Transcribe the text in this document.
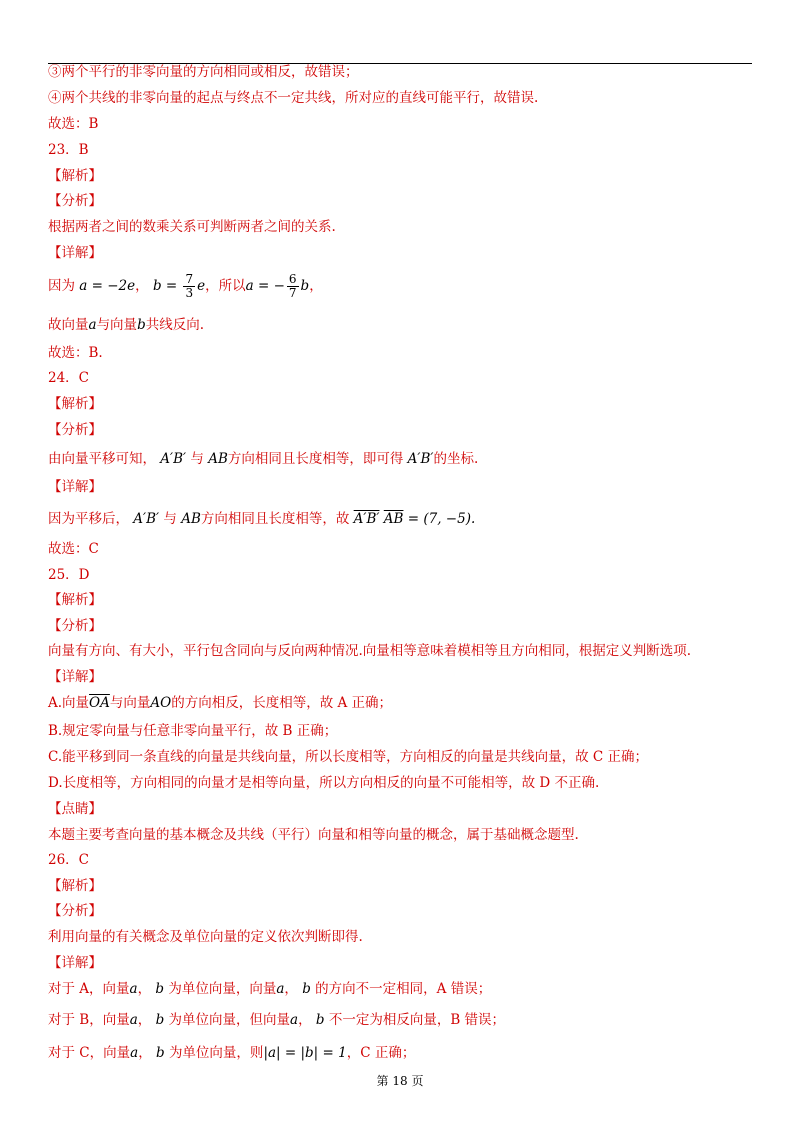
③两个平行的非零向量的方向相同或相反，故错误；
④两个共线的非零向量的起点与终点不一定共线，所对应的直线可能平行，故错误.
故选：B
23．B
【解析】
【分析】
根据两者之间的数乘关系可判断两者之间的关系.
【详解】
因为 a = −2e， $b = \frac{7}{3}$ e，所以a = − $\frac{6}{7}$ b，
故向量a与向量b共线反向.
故选：B.
24．C
【解析】
【分析】
由向量平移可知， A′B′ 与 AB方向相同且长度相等，即可得 A′B′的坐标.
【详解】
因为平移后， A′B′ 与 AB方向相同且长度相等，故 A′B′ $\overline{AB} = (7$, −5).
故选：C
25．D
【解析】
【分析】
向量有方向、有大小，平行包含同向与反向两种情况.向量相等意味着模相等且方向相同，根据定义判断选项.
【详解】
A.向量$\overline{OA}$与向量AO的方向相反，长度相等，故 A 正确；
B.规定零向量与任意非零向量平行，故 B 正确；
C.能平移到同一条直线的向量是共线向量，所以长度相等，方向相反的向量是共线向量，故 C 正确；
D.长度相等，方向相同的向量才是相等向量，所以方向相反的向量不可能相等，故 D 不正确.
【点睛】
本题主要考查向量的基本概念及共线（平行）向量和相等向量的概念，属于基础概念题型.
26．C
【解析】
【分析】
利用向量的有关概念及单位向量的定义依次判断即得.
【详解】
对于 A，向量a， b 为单位向量，向量a， b 的方向不一定相同，A 错误；
对于 B，向量a， b 为单位向量，但向量a， b 不一定为相反向量，B 错误；
对于 C，向量a， b 为单位向量，则|a| = |b| = 1，C 正确；
第 18 页
